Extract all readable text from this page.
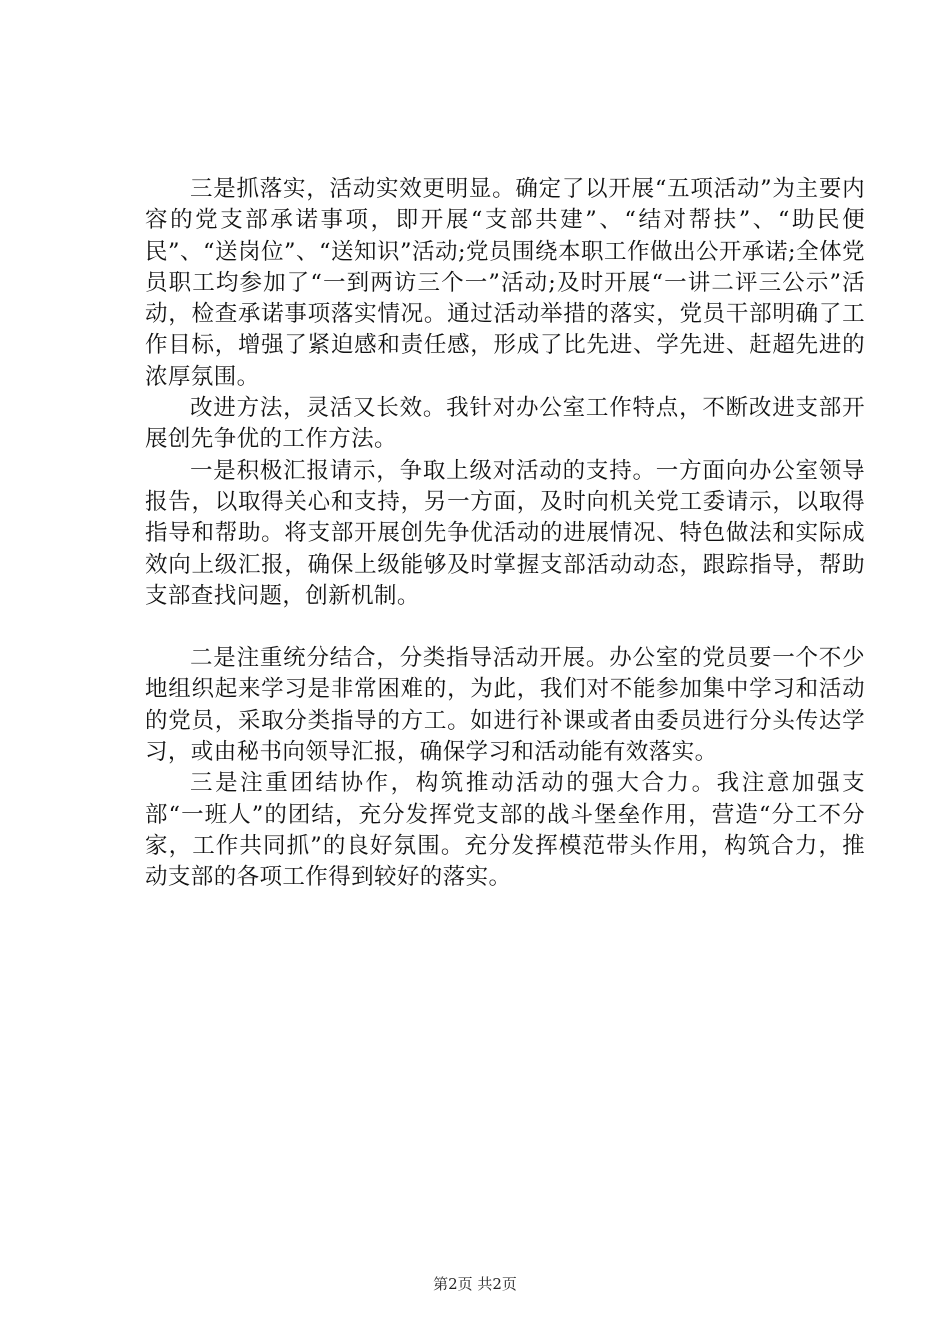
三是抓落实，活动实效更明显。确定了以开展“五项活动”为主要内容的党支部承诺事项，即开展“支部共建”、“结对帮扶”、“助民便民”、“送岗位”、“送知识”活动;党员围绕本职工作做出公开承诺;全体党员职工均参加了“一到两访三个一”活动;及时开展“一讲二评三公示”活动，检查承诺事项落实情况。通过活动举措的落实，党员干部明确了工作目标，增强了紧迫感和责任感，形成了比先进、学先进、赶超先进的浓厚氛围。

改进方法，灵活又长效。我针对办公室工作特点，不断改进支部开展创先争优的工作方法。

一是积极汇报请示，争取上级对活动的支持。一方面向办公室领导报告，以取得关心和支持，另一方面，及时向机关党工委请示，以取得指导和帮助。将支部开展创先争优活动的进展情况、特色做法和实际成效向上级汇报，确保上级能够及时掌握支部活动动态，跟踪指导，帮助支部查找问题，创新机制。

二是注重统分结合，分类指导活动开展。办公室的党员要一个不少地组织起来学习是非常困难的，为此，我们对不能参加集中学习和活动的党员，采取分类指导的方工。如进行补课或者由委员进行分头传达学习，或由秘书向领导汇报，确保学习和活动能有效落实。

三是注重团结协作，构筑推动活动的强大合力。我注意加强支部“一班人”的团结，充分发挥党支部的战斗堡垒作用，营造“分工不分家，工作共同抓”的良好氛围。充分发挥模范带头作用，构筑合力，推动支部的各项工作得到较好的落实。

第2页 共2页
